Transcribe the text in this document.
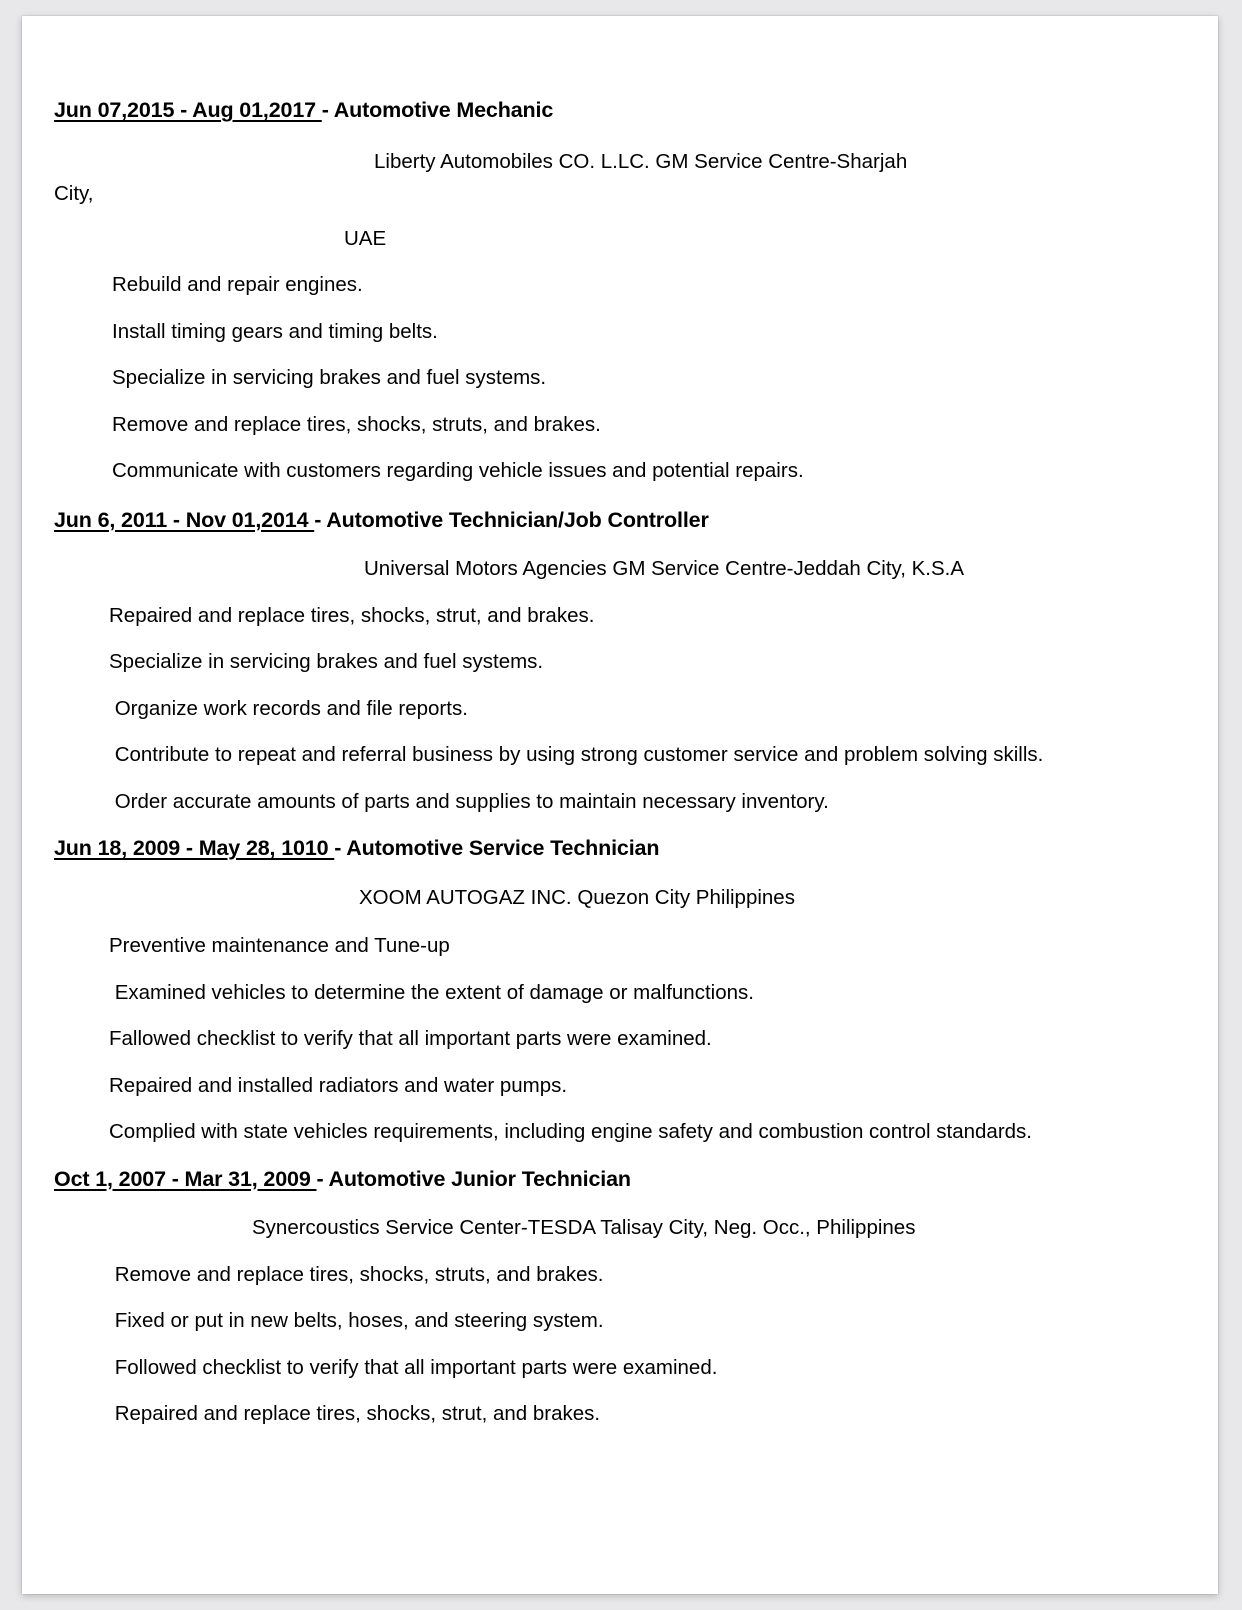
Jun 07,2015 - Aug 01,2017 - Automotive Mechanic
Liberty Automobiles CO. L.LC. GM Service Centre-Sharjah
City,
UAE
Rebuild and repair engines.
Install timing gears and timing belts.
Specialize in servicing brakes and fuel systems.
Remove and replace tires, shocks, struts, and brakes.
Communicate with customers regarding vehicle issues and potential repairs.
Jun 6, 2011 - Nov 01,2014 - Automotive Technician/Job Controller
Universal Motors Agencies GM Service Centre-Jeddah City, K.S.A
Repaired and replace tires, shocks, strut, and brakes.
Specialize in servicing brakes and fuel systems.
Organize work records and file reports.
Contribute to repeat and referral business by using strong customer service and problem solving skills.
Order accurate amounts of parts and supplies to maintain necessary inventory.
Jun 18, 2009 - May 28, 1010 - Automotive Service Technician
XOOM AUTOGAZ INC. Quezon City Philippines
Preventive maintenance and Tune-up
Examined vehicles to determine the extent of damage or malfunctions.
Fallowed checklist to verify that all important parts were examined.
Repaired and installed radiators and water pumps.
Complied with state vehicles requirements, including engine safety and combustion control standards.
Oct 1, 2007 - Mar 31, 2009 - Automotive Junior Technician
Synercoustics Service Center-TESDA Talisay City, Neg. Occ., Philippines
Remove and replace tires, shocks, struts, and brakes.
Fixed or put in new belts, hoses, and steering system.
Followed checklist to verify that all important parts were examined.
Repaired and replace tires, shocks, strut, and brakes.
